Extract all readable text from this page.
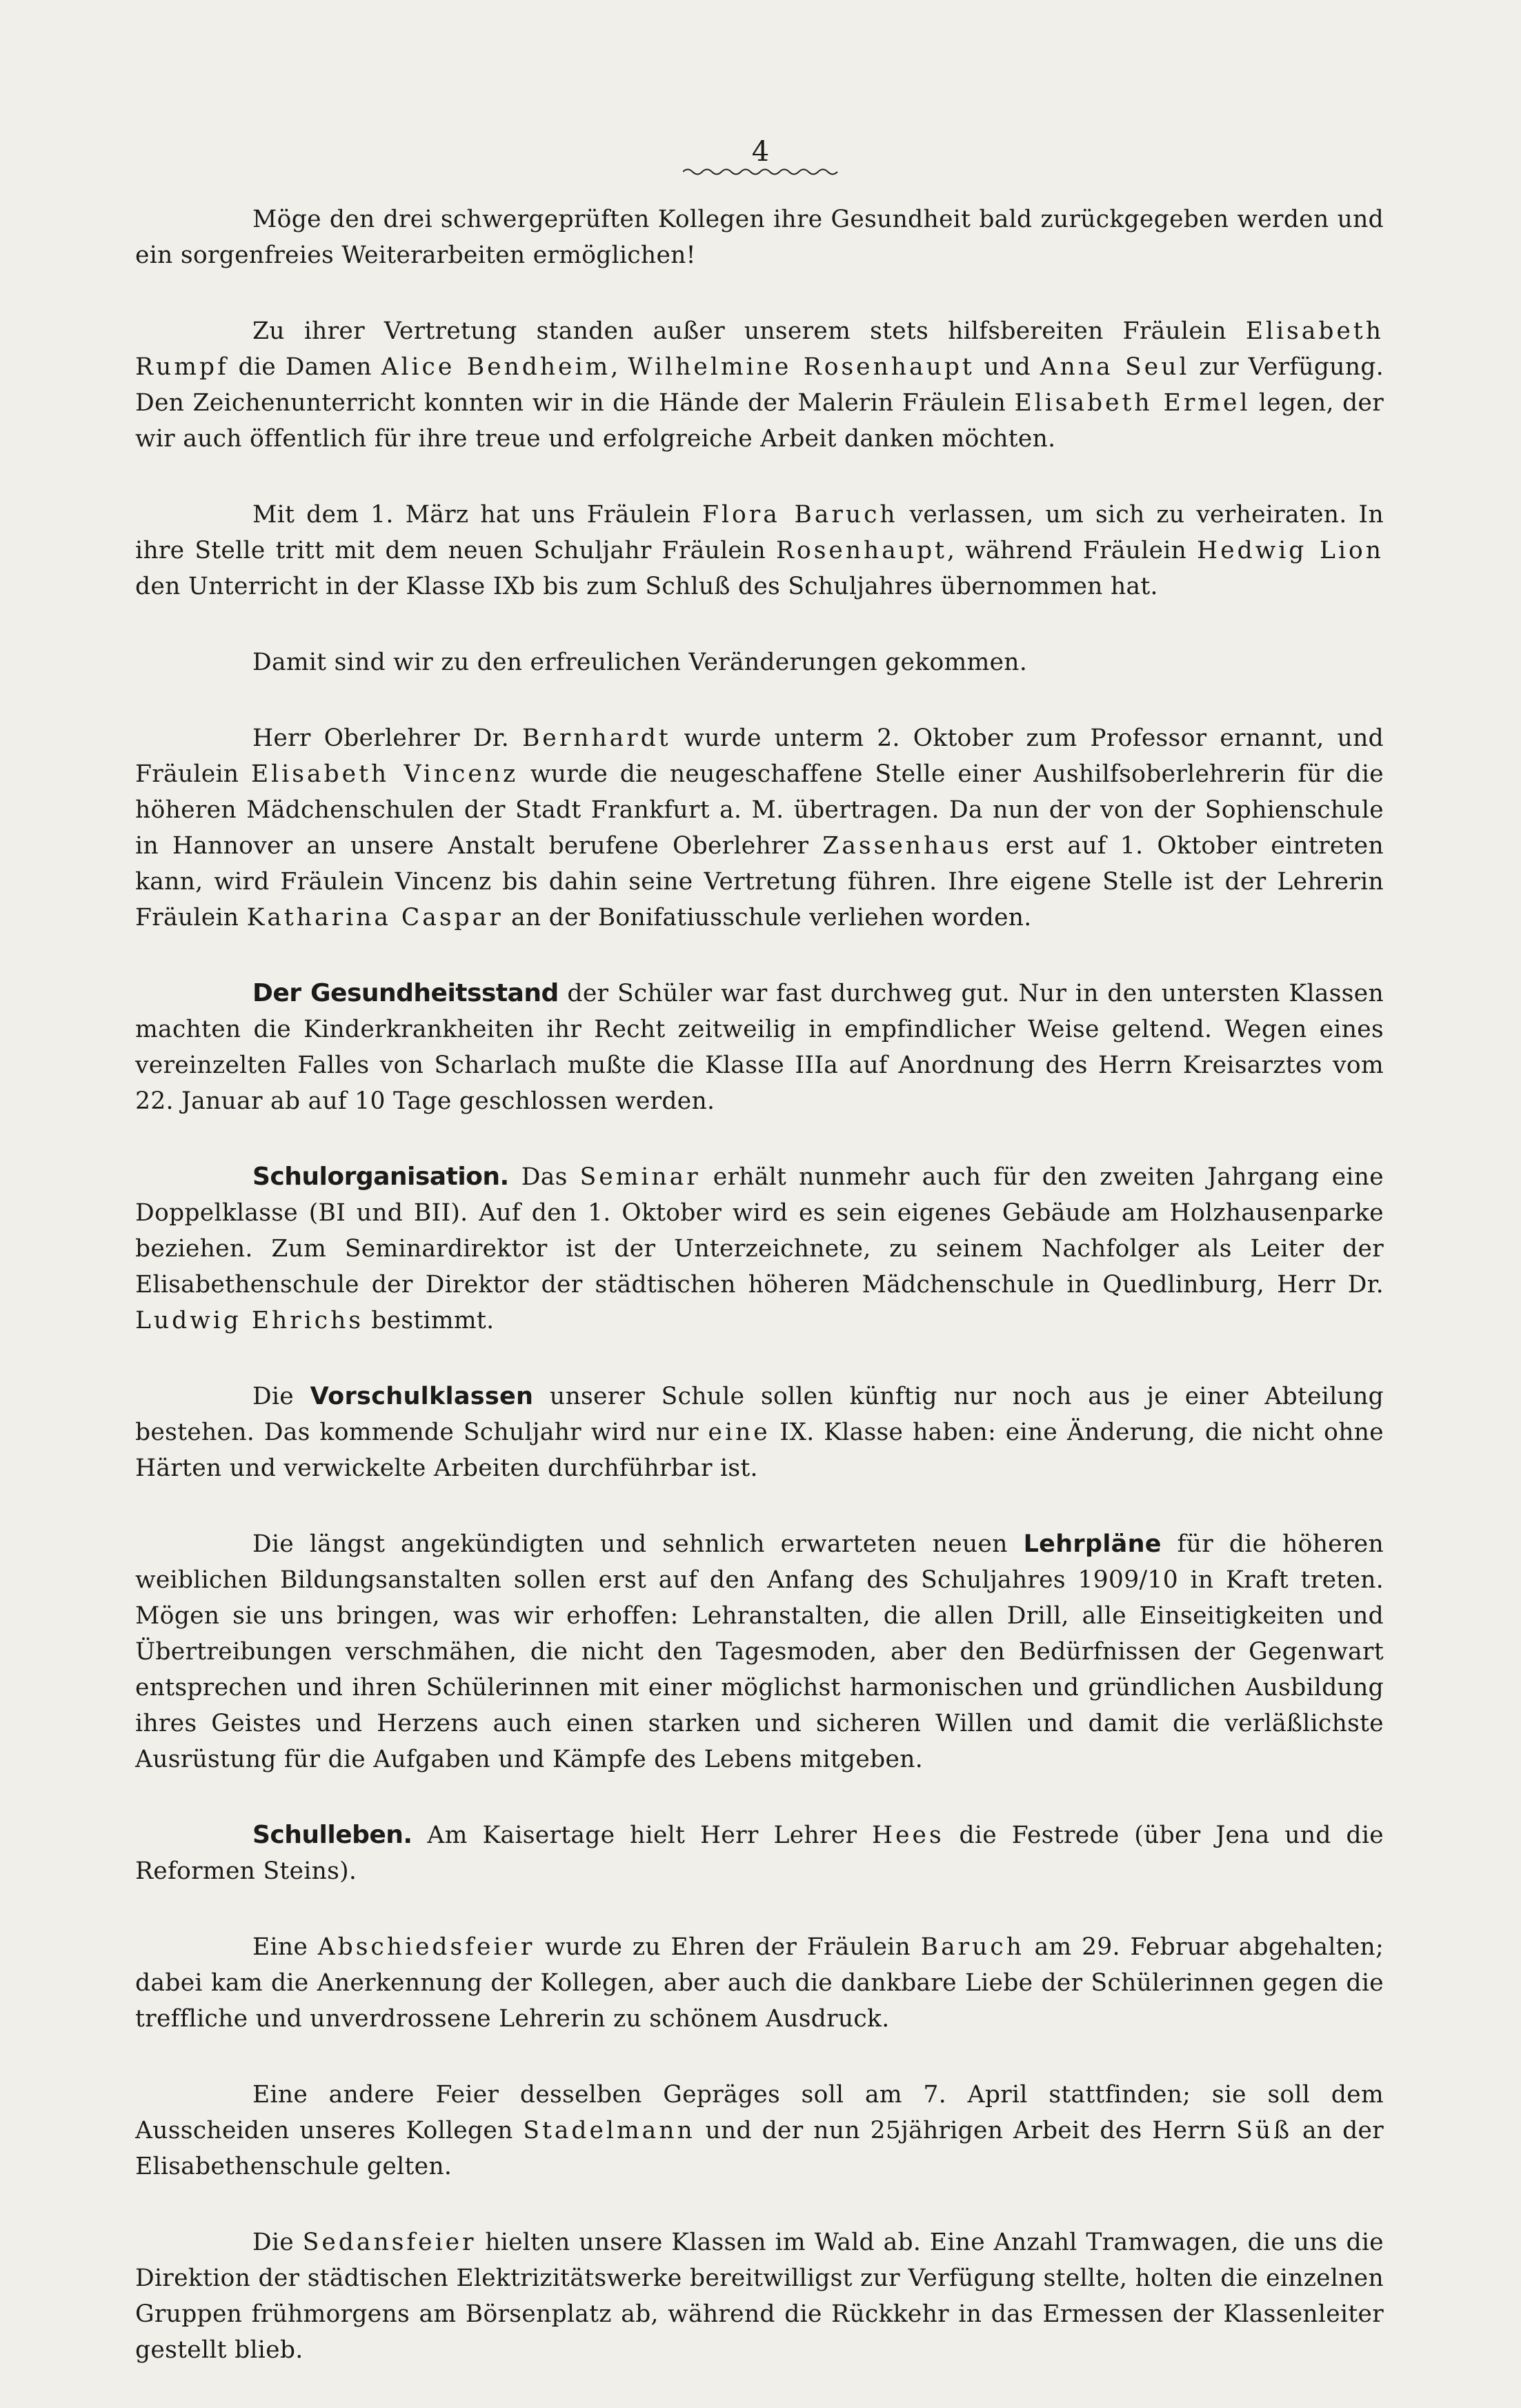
4

Möge den drei schwergeprüften Kollegen ihre Gesundheit bald zurückgegeben werden und ein sorgenfreies Weiterarbeiten ermöglichen!

Zu ihrer Vertretung standen außer unserem stets hilfsbereiten Fräulein Elisabeth Rumpf die Damen Alice Bendheim, Wilhelmine Rosenhaupt und Anna Seul zur Verfügung. Den Zeichenunterricht konnten wir in die Hände der Malerin Fräulein Elisabeth Ermel legen, der wir auch öffentlich für ihre treue und erfolgreiche Arbeit danken möchten.

Mit dem 1. März hat uns Fräulein Flora Baruch verlassen, um sich zu verheiraten. In ihre Stelle tritt mit dem neuen Schuljahr Fräulein Rosenhaupt, während Fräulein Hedwig Lion den Unterricht in der Klasse IXb bis zum Schluß des Schuljahres übernommen hat.

Damit sind wir zu den erfreulichen Veränderungen gekommen.

Herr Oberlehrer Dr. Bernhardt wurde unterm 2. Oktober zum Professor ernannt, und Fräulein Elisabeth Vincenz wurde die neugeschaffene Stelle einer Aushilfsoberlehrerin für die höheren Mädchenschulen der Stadt Frankfurt a. M. übertragen. Da nun der von der Sophienschule in Hannover an unsere Anstalt berufene Oberlehrer Zassenhaus erst auf 1. Oktober eintreten kann, wird Fräulein Vincenz bis dahin seine Vertretung führen. Ihre eigene Stelle ist der Lehrerin Fräulein Katharina Caspar an der Bonifatiusschule verliehen worden.

Der Gesundheitsstand der Schüler war fast durchweg gut. Nur in den untersten Klassen machten die Kinderkrankheiten ihr Recht zeitweilig in empfindlicher Weise geltend. Wegen eines vereinzelten Falles von Scharlach mußte die Klasse IIIa auf Anordnung des Herrn Kreisarztes vom 22. Januar ab auf 10 Tage geschlossen werden.

Schulorganisation. Das Seminar erhält nunmehr auch für den zweiten Jahrgang eine Doppelklasse (BI und BII). Auf den 1. Oktober wird es sein eigenes Gebäude am Holzhausenparke beziehen. Zum Seminardirektor ist der Unterzeichnete, zu seinem Nachfolger als Leiter der Elisabethenschule der Direktor der städtischen höheren Mädchenschule in Quedlinburg, Herr Dr. Ludwig Ehrichs bestimmt.

Die Vorschulklassen unserer Schule sollen künftig nur noch aus je einer Abteilung bestehen. Das kommende Schuljahr wird nur eine IX. Klasse haben: eine Änderung, die nicht ohne Härten und verwickelte Arbeiten durchführbar ist.

Die längst angekündigten und sehnlich erwarteten neuen Lehrpläne für die höheren weiblichen Bildungsanstalten sollen erst auf den Anfang des Schuljahres 1909/10 in Kraft treten. Mögen sie uns bringen, was wir erhoffen: Lehranstalten, die allen Drill, alle Einseitigkeiten und Übertreibungen verschmähen, die nicht den Tagesmoden, aber den Bedürfnissen der Gegenwart entsprechen und ihren Schülerinnen mit einer möglichst harmonischen und gründlichen Ausbildung ihres Geistes und Herzens auch einen starken und sicheren Willen und damit die verläßlichste Ausrüstung für die Aufgaben und Kämpfe des Lebens mitgeben.

Schulleben. Am Kaisertage hielt Herr Lehrer Hees die Festrede (über Jena und die Reformen Steins).

Eine Abschiedsfeier wurde zu Ehren der Fräulein Baruch am 29. Februar abgehalten; dabei kam die Anerkennung der Kollegen, aber auch die dankbare Liebe der Schülerinnen gegen die treffliche und unverdrossene Lehrerin zu schönem Ausdruck.

Eine andere Feier desselben Gepräges soll am 7. April stattfinden; sie soll dem Ausscheiden unseres Kollegen Stadelmann und der nun 25jährigen Arbeit des Herrn Süß an der Elisabethenschule gelten.

Die Sedansfeier hielten unsere Klassen im Wald ab. Eine Anzahl Tramwagen, die uns die Direktion der städtischen Elektrizitätswerke bereitwilligst zur Verfügung stellte, holten die einzelnen Gruppen frühmorgens am Börsenplatz ab, während die Rückkehr in das Ermessen der Klassenleiter gestellt blieb.
